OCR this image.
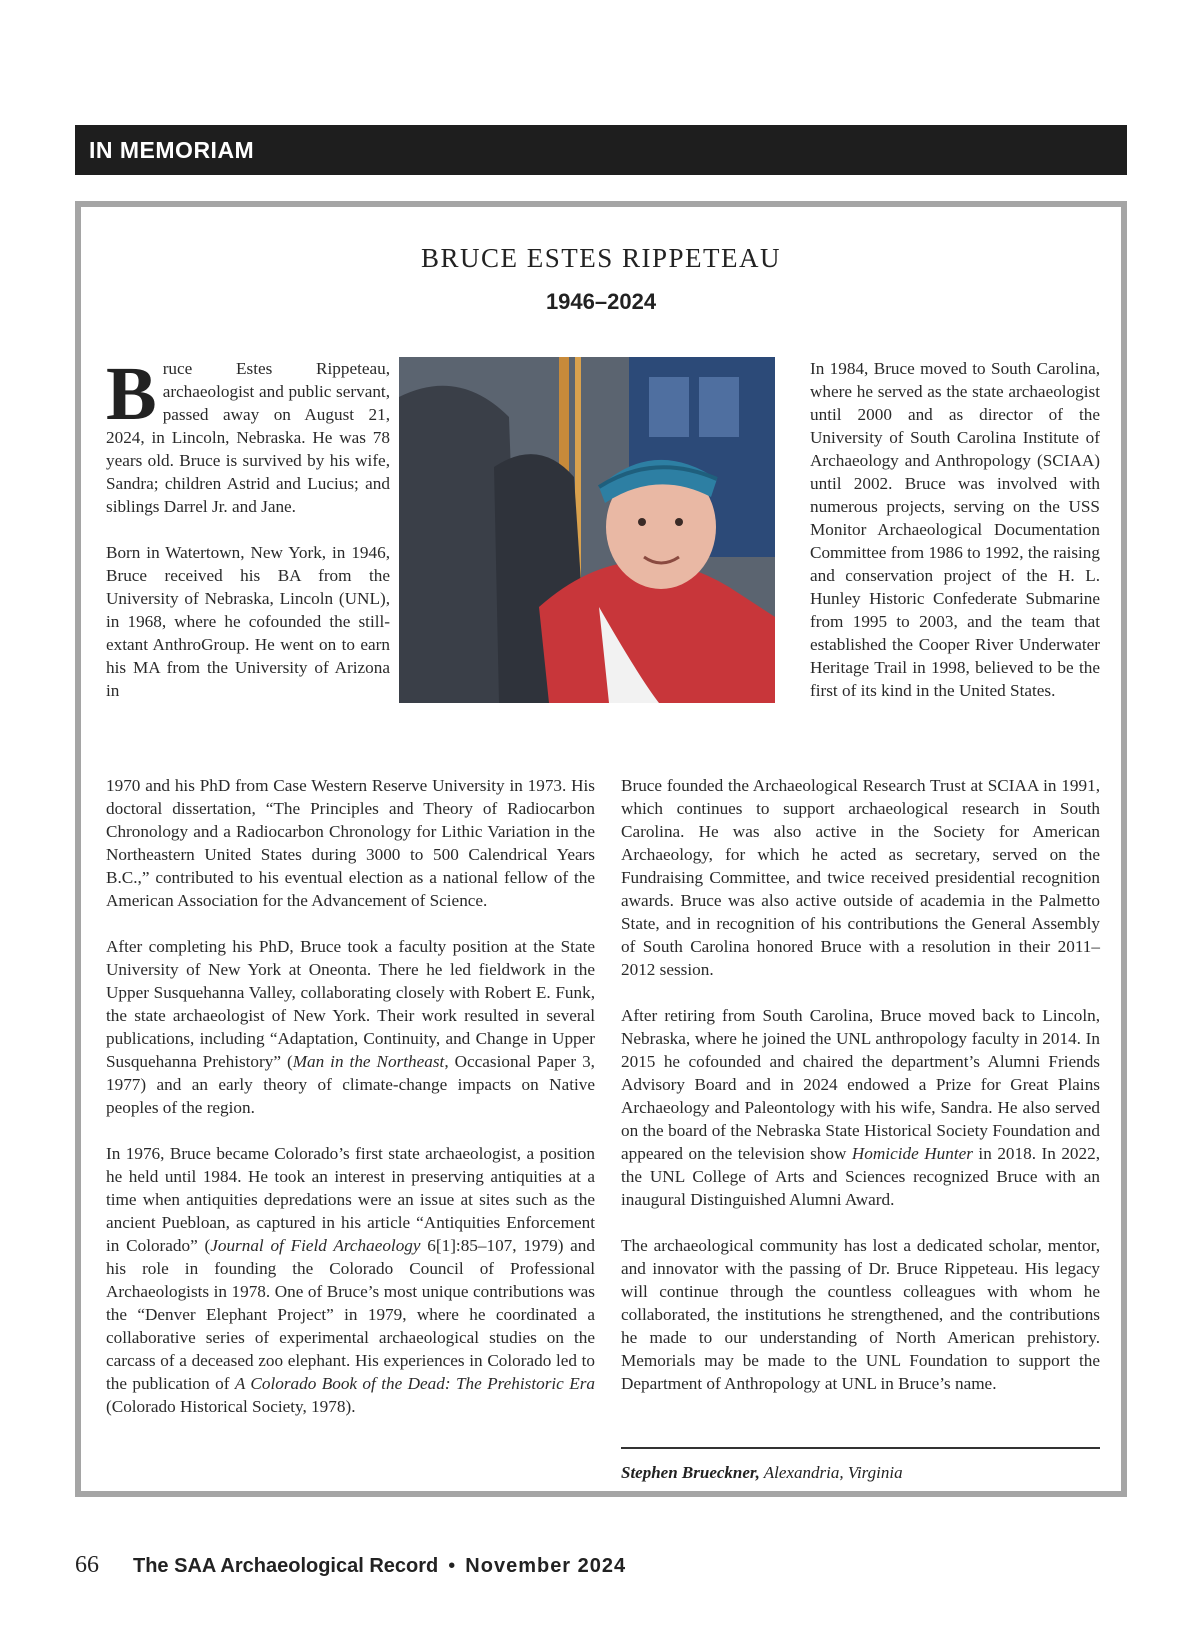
IN MEMORIAM
BRUCE ESTES RIPPETEAU
1946–2024

Bruce Estes Rippeteau, archaeologist and public servant, passed away on August 21, 2024, in Lincoln, Nebraska. He was 78 years old. Bruce is survived by his wife, Sandra; children Astrid and Lucius; and siblings Darrel Jr. and Jane.

Born in Watertown, New York, in 1946, Bruce received his BA from the University of Nebraska, Lincoln (UNL), in 1968, where he cofounded the still-extant AnthroGroup. He went on to earn his MA from the University of Arizona in

1970 and his PhD from Case Western Reserve University in 1973. His doctoral dissertation, “The Principles and Theory of Radiocarbon Chronology and a Radiocarbon Chronology for Lithic Variation in the Northeastern United States during 3000 to 500 Calendrical Years B.C.,” contributed to his eventual election as a national fellow of the American Association for the Advancement of Science.

After completing his PhD, Bruce took a faculty position at the State University of New York at Oneonta. There he led fieldwork in the Upper Susquehanna Valley, collaborating closely with Robert E. Funk, the state archaeologist of New York. Their work resulted in several publications, including “Adaptation, Continuity, and Change in Upper Susquehanna Prehistory” (Man in the Northeast, Occasional Paper 3, 1977) and an early theory of climate-change impacts on Native peoples of the region.

In 1976, Bruce became Colorado’s first state archaeologist, a position he held until 1984. He took an interest in preserving antiquities at a time when antiquities depredations were an issue at sites such as the ancient Puebloan, as captured in his article “Antiquities Enforcement in Colorado” (Journal of Field Archaeology 6[1]:85–107, 1979) and his role in founding the Colorado Council of Professional Archaeologists in 1978. One of Bruce’s most unique contributions was the “Denver Elephant Project” in 1979, where he coordinated a collaborative series of experimental archaeological studies on the carcass of a deceased zoo elephant. His experiences in Colorado led to the publication of A Colorado Book of the Dead: The Prehistoric Era (Colorado Historical Society, 1978).

In 1984, Bruce moved to South Carolina, where he served as the state archaeologist until 2000 and as director of the University of South Carolina Institute of Archaeology and Anthropology (SCIAA) until 2002. Bruce was involved with numerous projects, serving on the USS Monitor Archaeological Documentation Committee from 1986 to 1992, the raising and conservation project of the H. L. Hunley Historic Confederate Submarine from 1995 to 2003, and the team that established the Cooper River Underwater Heritage Trail in 1998, believed to be the first of its kind in the United States.

Bruce founded the Archaeological Research Trust at SCIAA in 1991, which continues to support archaeological research in South Carolina. He was also active in the Society for American Archaeology, for which he acted as secretary, served on the Fundraising Committee, and twice received presidential recognition awards. Bruce was also active outside of academia in the Palmetto State, and in recognition of his contributions the General Assembly of South Carolina honored Bruce with a resolution in their 2011–2012 session.

After retiring from South Carolina, Bruce moved back to Lincoln, Nebraska, where he joined the UNL anthropology faculty in 2014. In 2015 he cofounded and chaired the department’s Alumni Friends Advisory Board and in 2024 endowed a Prize for Great Plains Archaeology and Paleontology with his wife, Sandra. He also served on the board of the Nebraska State Historical Society Foundation and appeared on the television show Homicide Hunter in 2018. In 2022, the UNL College of Arts and Sciences recognized Bruce with an inaugural Distinguished Alumni Award.

The archaeological community has lost a dedicated scholar, mentor, and innovator with the passing of Dr. Bruce Rippeteau. His legacy will continue through the countless colleagues with whom he collaborated, the institutions he strengthened, and the contributions he made to our understanding of North American prehistory. Memorials may be made to the UNL Foundation to support the Department of Anthropology at UNL in Bruce’s name.

Stephen Brueckner, Alexandria, Virginia
66 The SAA Archaeological Record • November 2024
